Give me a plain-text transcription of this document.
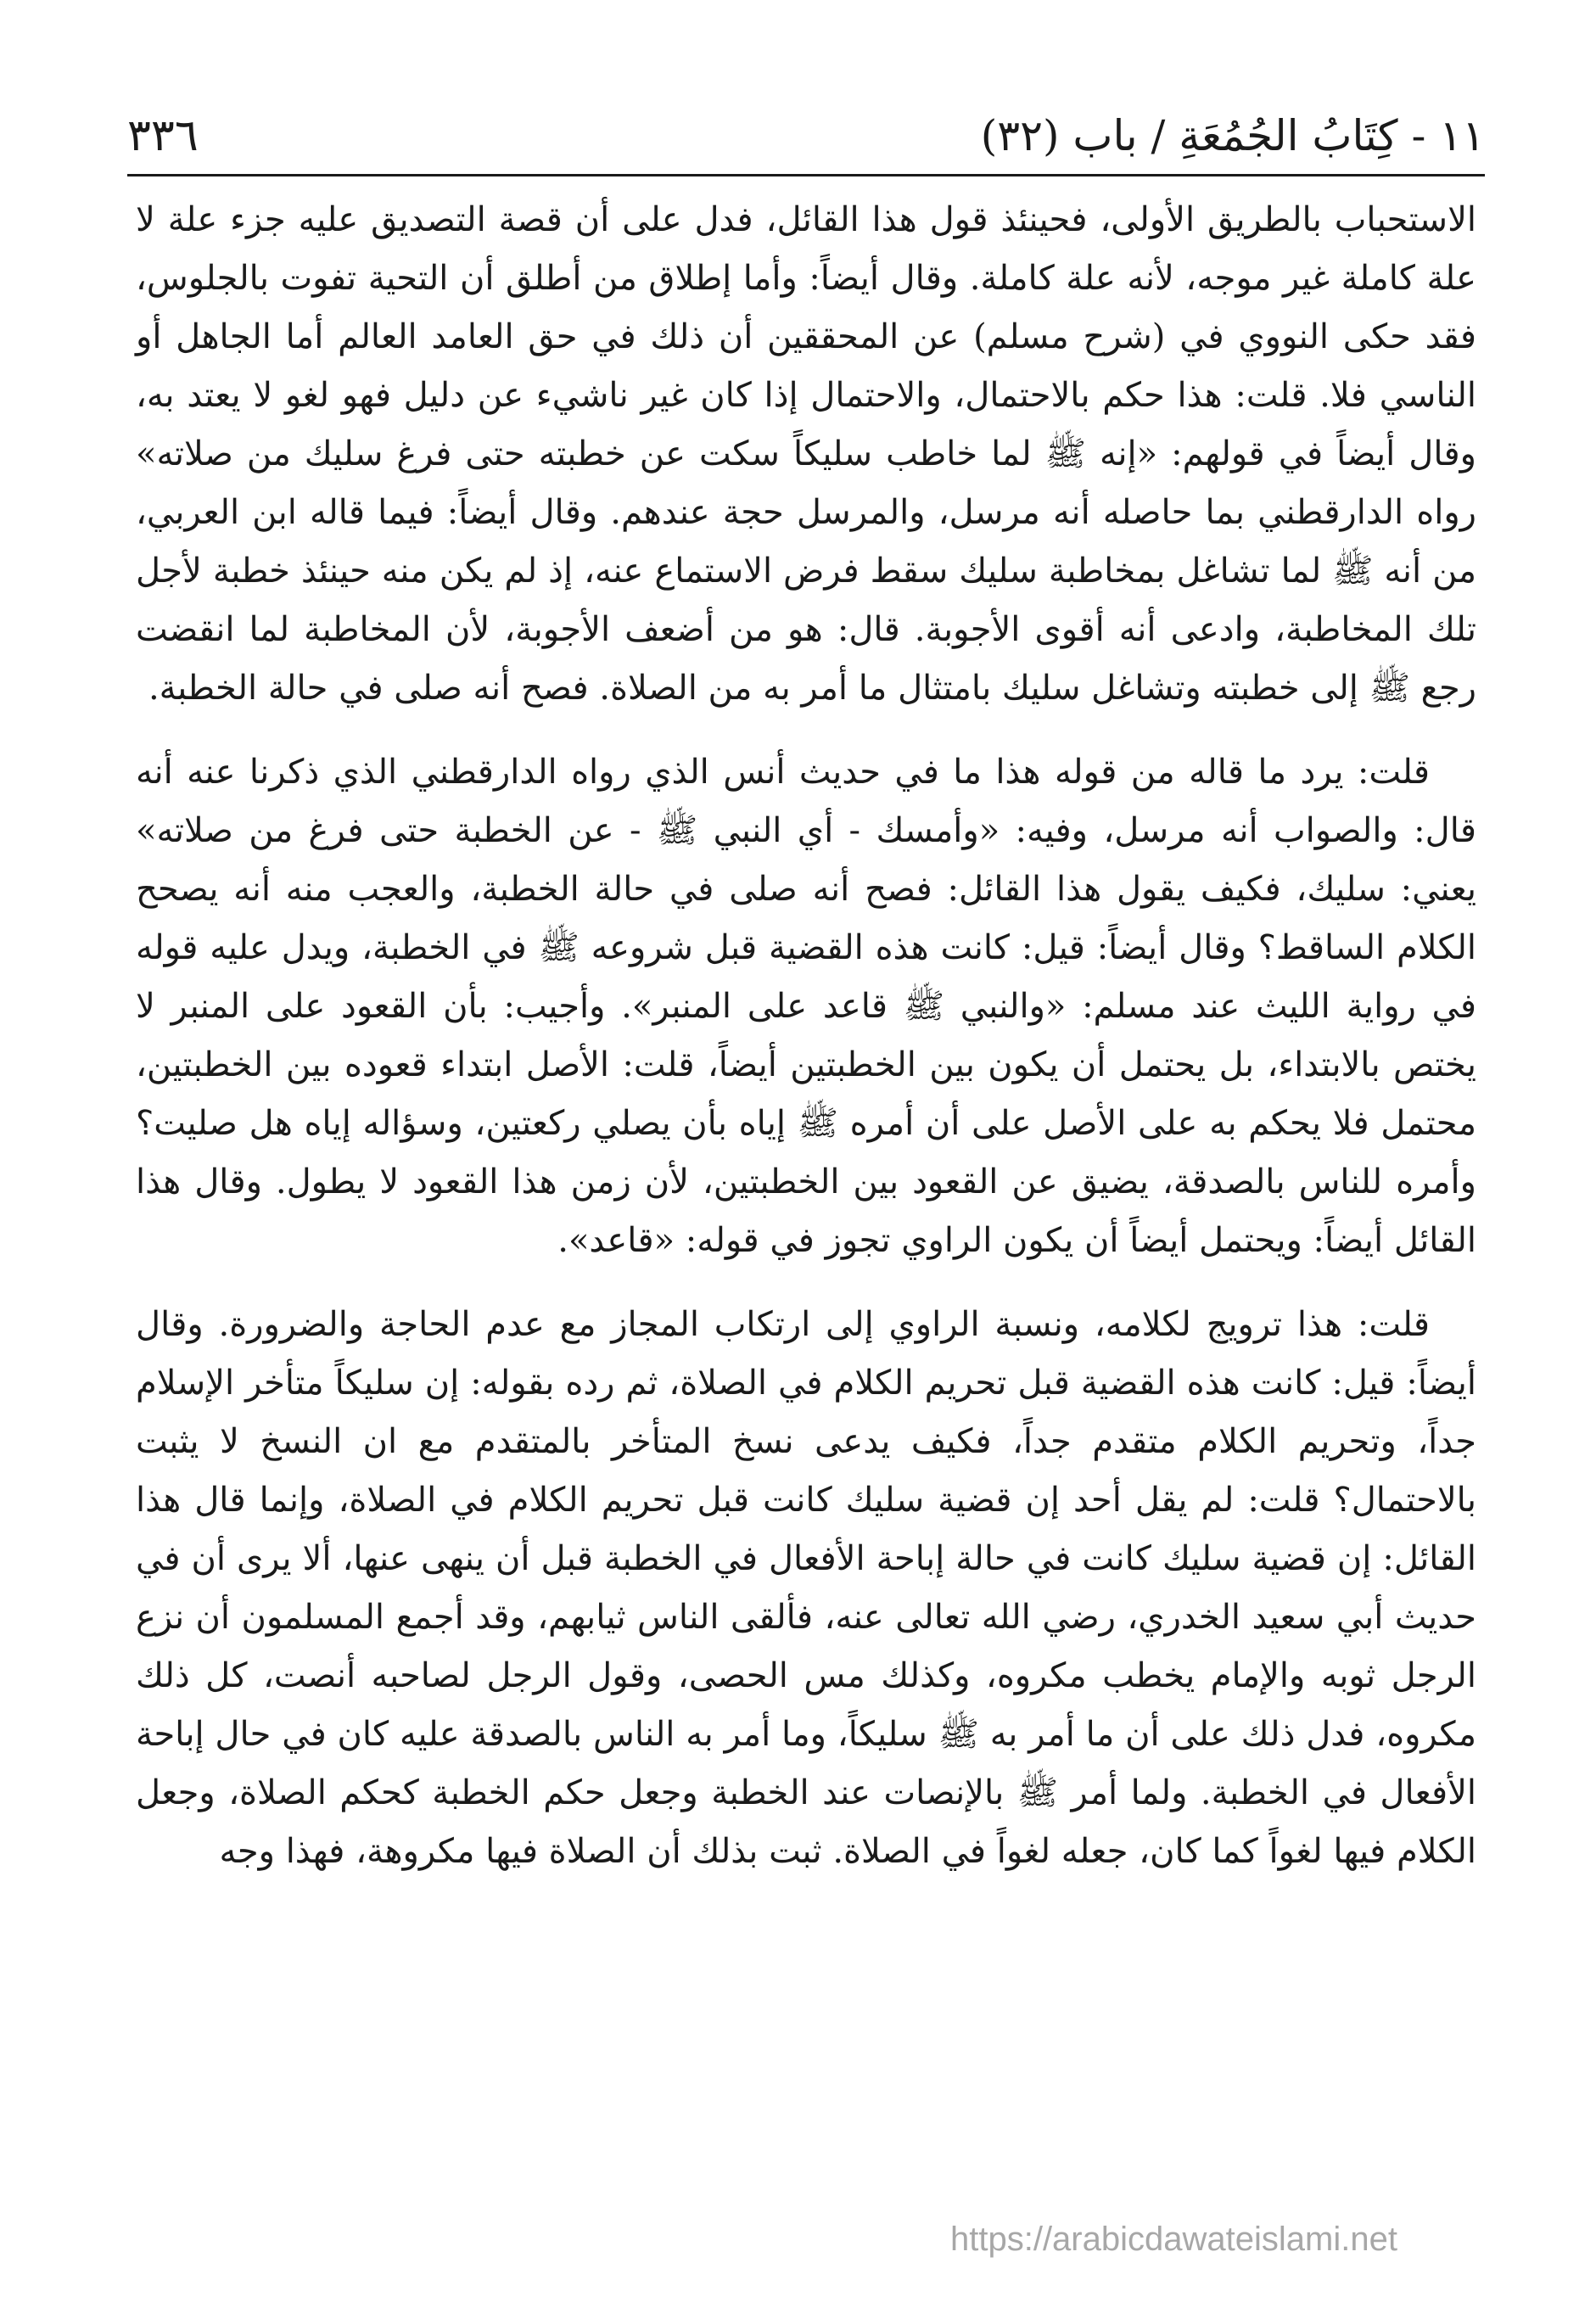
١١ - كِتَابُ الجُمُعَةِ / باب (٣٢)
٣٣٦

الاستحباب بالطريق الأولى، فحينئذ قول هذا القائل، فدل على أن قصة التصديق عليه جزء علة لا علة كاملة غير موجه، لأنه علة كاملة. وقال أيضاً: وأما إطلاق من أطلق أن التحية تفوت بالجلوس، فقد حكى النووي في (شرح مسلم) عن المحققين أن ذلك في حق العامد العالم أما الجاهل أو الناسي فلا. قلت: هذا حكم بالاحتمال، والاحتمال إذا كان غير ناشيء عن دليل فهو لغو لا يعتد به، وقال أيضاً في قولهم: «إنه ﷺ لما خاطب سليكاً سكت عن خطبته حتى فرغ سليك من صلاته» رواه الدارقطني بما حاصله أنه مرسل، والمرسل حجة عندهم. وقال أيضاً: فيما قاله ابن العربي، من أنه ﷺ لما تشاغل بمخاطبة سليك سقط فرض الاستماع عنه، إذ لم يكن منه حينئذ خطبة لأجل تلك المخاطبة، وادعى أنه أقوى الأجوبة. قال: هو من أضعف الأجوبة، لأن المخاطبة لما انقضت رجع ﷺ إلى خطبته وتشاغل سليك بامتثال ما أمر به من الصلاة. فصح أنه صلى في حالة الخطبة.

قلت: يرد ما قاله من قوله هذا ما في حديث أنس الذي رواه الدارقطني الذي ذكرنا عنه أنه قال: والصواب أنه مرسل، وفيه: «وأمسك - أي النبي ﷺ - عن الخطبة حتى فرغ من صلاته» يعني: سليك، فكيف يقول هذا القائل: فصح أنه صلى في حالة الخطبة، والعجب منه أنه يصحح الكلام الساقط؟ وقال أيضاً: قيل: كانت هذه القضية قبل شروعه ﷺ في الخطبة، ويدل عليه قوله في رواية الليث عند مسلم: «والنبي ﷺ قاعد على المنبر». وأجيب: بأن القعود على المنبر لا يختص بالابتداء، بل يحتمل أن يكون بين الخطبتين أيضاً، قلت: الأصل ابتداء قعوده بين الخطبتين، محتمل فلا يحكم به على الأصل على أن أمره ﷺ إياه بأن يصلي ركعتين، وسؤاله إياه هل صليت؟ وأمره للناس بالصدقة، يضيق عن القعود بين الخطبتين، لأن زمن هذا القعود لا يطول. وقال هذا القائل أيضاً: ويحتمل أيضاً أن يكون الراوي تجوز في قوله: «قاعد».

قلت: هذا ترويج لكلامه، ونسبة الراوي إلى ارتكاب المجاز مع عدم الحاجة والضرورة. وقال أيضاً: قيل: كانت هذه القضية قبل تحريم الكلام في الصلاة، ثم رده بقوله: إن سليكاً متأخر الإسلام جداً، وتحريم الكلام متقدم جداً، فكيف يدعى نسخ المتأخر بالمتقدم مع ان النسخ لا يثبت بالاحتمال؟ قلت: لم يقل أحد إن قضية سليك كانت قبل تحريم الكلام في الصلاة، وإنما قال هذا القائل: إن قضية سليك كانت في حالة إباحة الأفعال في الخطبة قبل أن ينهى عنها، ألا يرى أن في حديث أبي سعيد الخدري، رضي الله تعالى عنه، فألقى الناس ثيابهم، وقد أجمع المسلمون أن نزع الرجل ثوبه والإمام يخطب مكروه، وكذلك مس الحصى، وقول الرجل لصاحبه أنصت، كل ذلك مكروه، فدل ذلك على أن ما أمر به ﷺ سليكاً، وما أمر به الناس بالصدقة عليه كان في حال إباحة الأفعال في الخطبة. ولما أمر ﷺ بالإنصات عند الخطبة وجعل حكم الخطبة كحكم الصلاة، وجعل الكلام فيها لغواً كما كان، جعله لغواً في الصلاة. ثبت بذلك أن الصلاة فيها مكروهة، فهذا وجه

https://arabicdawateislami.net
